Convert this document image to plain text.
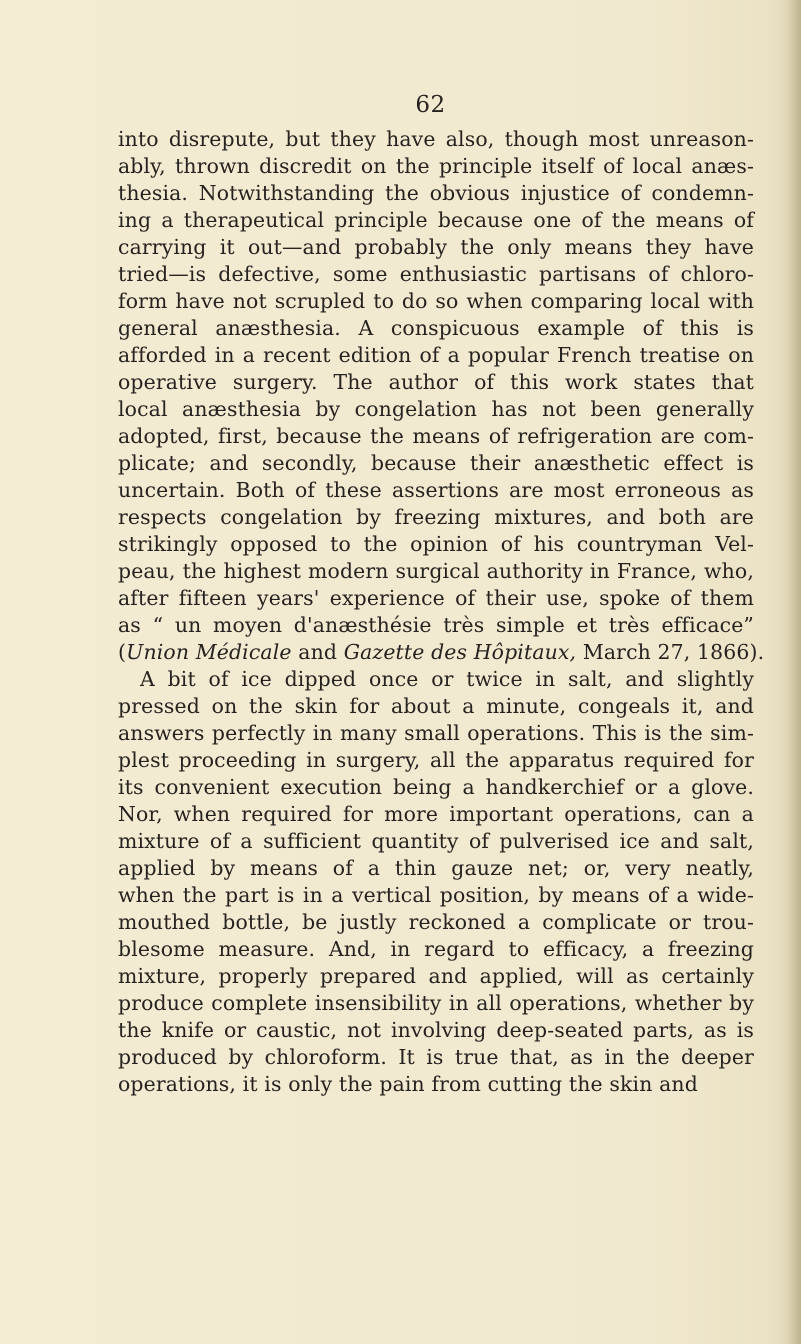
62
into disrepute, but they have also, though most unreason-
ably, thrown discredit on the principle itself of local anæs-
thesia. Notwithstanding the obvious injustice of condemn-
ing a therapeutical principle because one of the means of
carrying it out—and probably the only means they have
tried—is defective, some enthusiastic partisans of chloro-
form have not scrupled to do so when comparing local with
general anæsthesia. A conspicuous example of this is
afforded in a recent edition of a popular French treatise on
operative surgery. The author of this work states that
local anæsthesia by congelation has not been generally
adopted, first, because the means of refrigeration are com-
plicate; and secondly, because their anæsthetic effect is
uncertain. Both of these assertions are most erroneous as
respects congelation by freezing mixtures, and both are
strikingly opposed to the opinion of his countryman Vel-
peau, the highest modern surgical authority in France, who,
after fifteen years' experience of their use, spoke of them
as “ un moyen d'anæsthésie très simple et très efficace”
(Union Médicale and Gazette des Hôpitaux, March 27, 1866).
A bit of ice dipped once or twice in salt, and slightly
pressed on the skin for about a minute, congeals it, and
answers perfectly in many small operations. This is the sim-
plest proceeding in surgery, all the apparatus required for
its convenient execution being a handkerchief or a glove.
Nor, when required for more important operations, can a
mixture of a sufficient quantity of pulverised ice and salt,
applied by means of a thin gauze net; or, very neatly,
when the part is in a vertical position, by means of a wide-
mouthed bottle, be justly reckoned a complicate or trou-
blesome measure. And, in regard to efficacy, a freezing
mixture, properly prepared and applied, will as certainly
produce complete insensibility in all operations, whether by
the knife or caustic, not involving deep-seated parts, as is
produced by chloroform. It is true that, as in the deeper
operations, it is only the pain from cutting the skin and
